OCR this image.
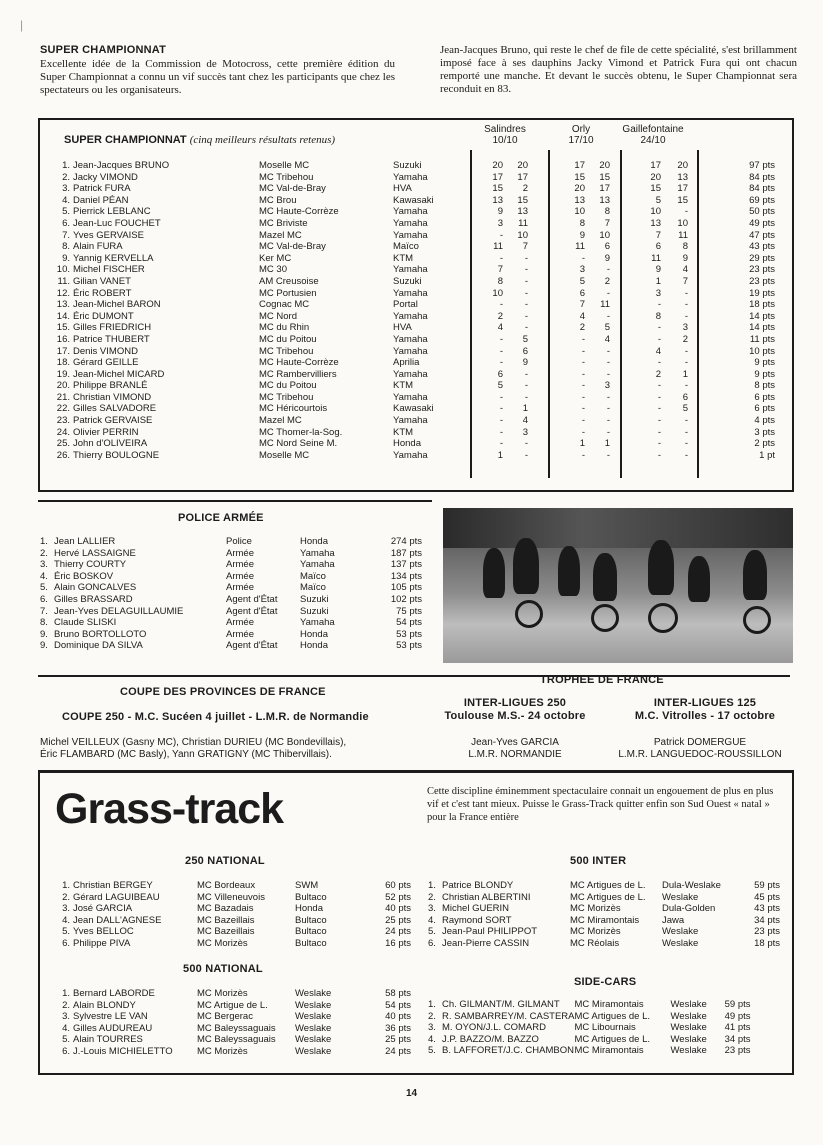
|
SUPER CHAMPIONNAT
Excellente idée de la Commission de Motocross, cette première édition du Super Championnat a connu un vif succès tant chez les participants que chez les spectateurs ou les organisateurs.
Jean-Jacques Bruno, qui reste le chef de file de cette spécialité, s'est brillamment imposé face à ses dauphins Jacky Vimond et Patrick Fura qui ont chacun remporté une manche. Et devant le succès obtenu, le Super Championnat sera reconduit en 83.
SUPER CHAMPIONNAT (cinq meilleurs résultats retenus)
Salindres
10/10
Orly
17/10
Gaillefontaine
24/10
1.	Jean-Jacques BRUNO	Moselle MC	Suzuki	20	20	17	20	17	20	97 pts
2.	Jacky VIMOND	MC Tribehou	Yamaha	17	17	15	15	20	13	84 pts
3.	Patrick FURA	MC Val-de-Bray	HVA	15	2	20	17	15	17	84 pts
4.	Daniel PÉAN	MC Brou	Kawasaki	13	15	13	13	5	15	69 pts
5.	Pierrick LEBLANC	MC Haute-Corrèze	Yamaha	9	13	10	8	10	-	50 pts
6.	Jean-Luc FOUCHET	MC Briviste	Yamaha	3	11	8	7	13	10	49 pts
7.	Yves GERVAISE	Mazel MC	Yamaha	-	10	9	10	7	11	47 pts
8.	Alain FURA	MC Val-de-Bray	Maïco	11	7	11	6	6	8	43 pts
9.	Yannig KERVELLA	Ker MC	KTM	-	-	-	9	11	9	29 pts
10.	Michel FISCHER	MC 30	Yamaha	7	-	3	-	9	4	23 pts
11.	Gilian VANET	AM Creusoise	Suzuki	8	-	5	2	1	7	23 pts
12.	Éric ROBERT	MC Portusien	Yamaha	10	-	6	-	3	-	19 pts
13.	Jean-Michel BARON	Cognac MC	Portal	-	-	7	11	-	-	18 pts
14.	Éric DUMONT	MC Nord	Yamaha	2	-	4	-	8	-	14 pts
15.	Gilles FRIEDRICH	MC du Rhin	HVA	4	-	2	5	-	3	14 pts
16.	Patrice THUBERT	MC du Poitou	Yamaha	-	5	-	4	-	2	11 pts
17.	Denis VIMOND	MC Tribehou	Yamaha	-	6	-	-	4	-	10 pts
18.	Gérard GEILLE	MC Haute-Corrèze	Aprilia	-	9	-	-	-	-	9 pts
19.	Jean-Michel MICARD	MC Rambervilliers	Yamaha	6	-	-	-	2	1	9 pts
20.	Philippe BRANLÉ	MC du Poitou	KTM	5	-	-	3	-	-	8 pts
21.	Christian VIMOND	MC Tribehou	Yamaha	-	-	-	-	-	6	6 pts
22.	Gilles SALVADORE	MC Héricourtois	Kawasaki	-	1	-	-	-	5	6 pts
23.	Patrick GERVAISE	Mazel MC	Yamaha	-	4	-	-	-	-	4 pts
24.	Olivier PERRIN	MC Thomer-la-Sog.	KTM	-	3	-	-	-	-	3 pts
25.	John d'OLIVEIRA	MC Nord Seine M.	Honda	-	-	1	1	-	-	2 pts
26.	Thierry BOULOGNE	Moselle MC	Yamaha	1	-	-	-	-	-	1 pt
POLICE ARMÉE
1.	Jean LALLIER	Police	Honda	274 pts
2.	Hervé LASSAIGNE	Armée	Yamaha	187 pts
3.	Thierry COURTY	Armée	Yamaha	137 pts
4.	Éric BOSKOV	Armée	Maïco	134 pts
5.	Alain GONCALVES	Armée	Maïco	105 pts
6.	Gilles BRASSARD	Agent d'État	Suzuki	102 pts
7.	Jean-Yves DELAGUILLAUMIE	Agent d'État	Suzuki	75 pts
8.	Claude SLISKI	Armée	Yamaha	54 pts
9.	Bruno BORTOLLOTO	Armée	Honda	53 pts
9.	Dominique DA SILVA	Agent d'État	Honda	53 pts
COUPE DES PROVINCES DE FRANCE
COUPE 250 - M.C. Sucéen 4 juillet - L.M.R. de Normandie
Michel VEILLEUX (Gasny MC), Christian DURIEU (MC Bondevillais),
Éric FLAMBARD (MC Basly), Yann GRATIGNY (MC Thibervillais).
TROPHEE DE FRANCE
INTER-LIGUES 250
Toulouse M.S.- 24 octobre
INTER-LIGUES 125
M.C. Vitrolles - 17 octobre
Jean-Yves GARCIA
L.M.R. NORMANDIE
Patrick DOMERGUE
L.M.R. LANGUEDOC-ROUSSILLON
Grass-track	Cette discipline éminemment spectaculaire connait un engouement de plus en plus vif et c'est tant mieux. Puisse le Grass-Track quitter enfin son Sud Ouest « natal » pour la France entière
250 NATIONAL
1.	Christian BERGEY	MC Bordeaux	SWM	60 pts
2.	Gérard LAGUIBEAU	MC Villeneuvois	Bultaco	52 pts
3.	José GARCIA	MC Bazadais	Honda	40 pts
4.	Jean DALL'AGNESE	MC Bazeillais	Bultaco	25 pts
5.	Yves BELLOC	MC Bazeillais	Bultaco	24 pts
6.	Philippe PIVA	MC Morizès	Bultaco	16 pts
500 NATIONAL
1.	Bernard LABORDE	MC Morizès	Weslake	58 pts
2.	Alain BLONDY	MC Artigue de L.	Weslake	54 pts
3.	Sylvestre LE VAN	MC Bergerac	Weslake	40 pts
4.	Gilles AUDUREAU	MC Baleyssaguais	Weslake	36 pts
5.	Alain TOURRES	MC Baleyssaguais	Weslake	25 pts
6.	J.-Louis MICHIELETTO	MC Morizès	Weslake	24 pts
500 INTER
1.	Patrice BLONDY	MC Artigues de L.	Dula-Weslake	59 pts
2.	Christian ALBERTINI	MC Artigues de L.	Weslake	45 pts
3.	Michel GUERIN	MC Morizès	Dula-Golden	43 pts
4.	Raymond SORT	MC Miramontais	Jawa	34 pts
5.	Jean-Paul PHILIPPOT	MC Morizès	Weslake	23 pts
6.	Jean-Pierre CASSIN	MC Réolais	Weslake	18 pts
SIDE-CARS
1.	Ch. GILMANT/M. GILMANT	MC Miramontais	Weslake	59 pts
2.	R. SAMBARREY/M. CASTERA	MC Artigues de L.	Weslake	49 pts
3.	M. OYON/J.L. COMARD	MC Libournais	Weslake	41 pts
4.	J.P. BAZZO/M. BAZZO	MC Artigues de L.	Weslake	34 pts
5.	B. LAFFORET/J.C. CHAMBON	MC Miramontais	Weslake	23 pts
14
